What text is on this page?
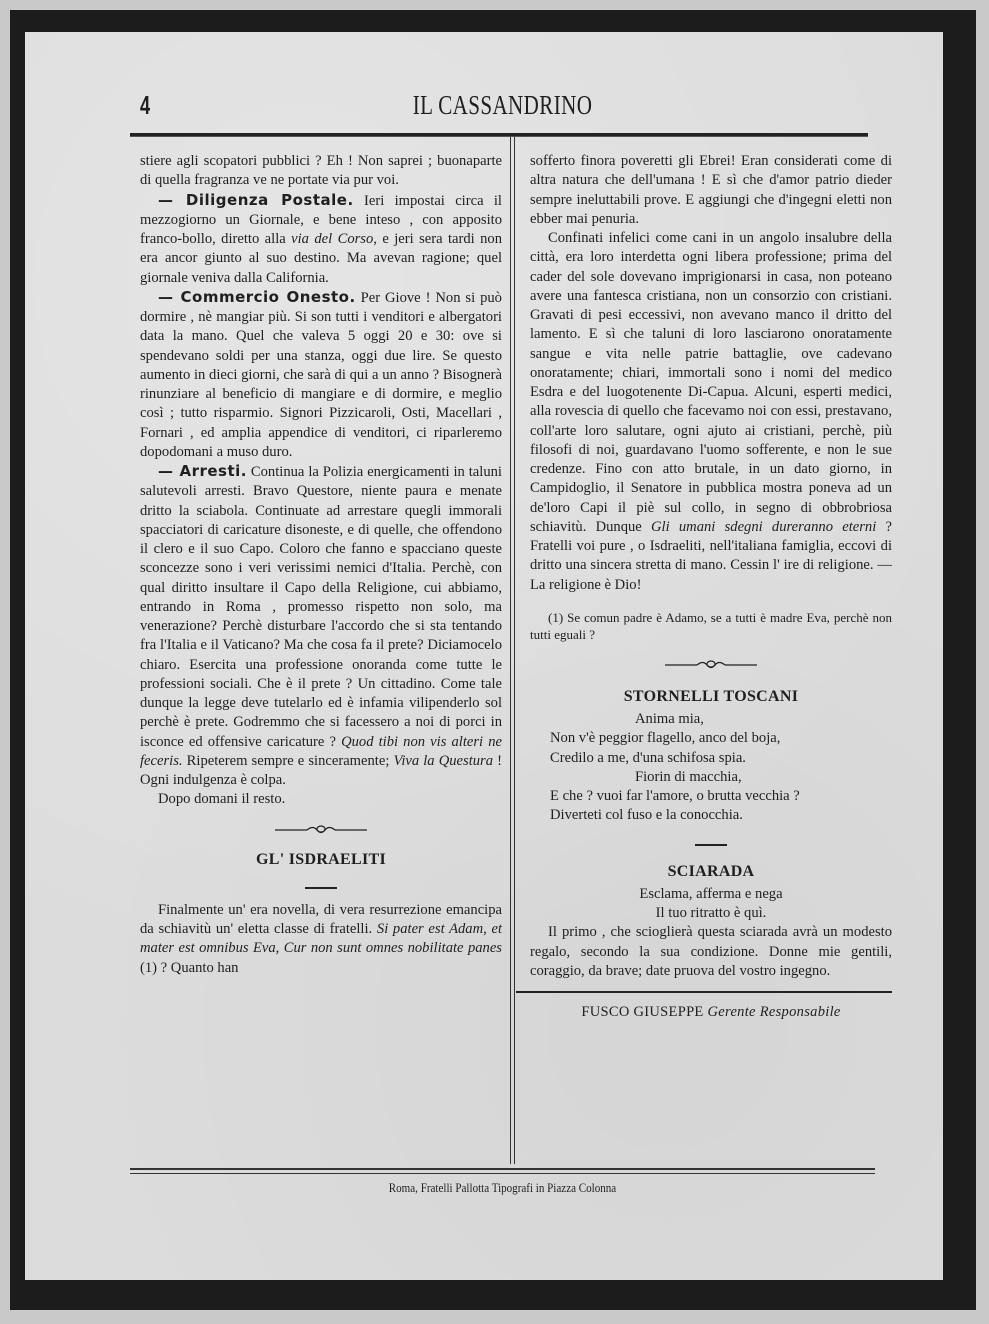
4	IL CASSANDRINO

stiere agli scopatori pubblici ? Eh ! Non saprei ; buonaparte di quella fragranza ve ne portate via pur voi.

— Diligenza Postale. Ieri impostai circa il mezzogiorno un Giornale, e bene inteso , con apposito franco-bollo, diretto alla via del Corso, e jeri sera tardi non era ancor giunto al suo destino. Ma avevan ragione; quel giornale veniva dalla California.

— Commercio Onesto. Per Giove ! Non si può dormire , nè mangiar più. Si son tutti i venditori e albergatori data la mano. Quel che valeva 5 oggi 20 e 30: ove si spendevano soldi per una stanza, oggi due lire. Se questo aumento in dieci giorni, che sarà di qui a un anno ? Bisognerà rinunziare al beneficio di mangiare e di dormire, e meglio così ; tutto risparmio. Signori Pizzicaroli, Osti, Macellari , Fornari , ed amplia appendice di venditori, ci riparleremo dopodomani a muso duro.

— Arresti. Continua la Polizia energicamenti in taluni salutevoli arresti. Bravo Questore, niente paura e menate dritto la sciabola. Continuate ad arrestare quegli immorali spacciatori di caricature disoneste, e di quelle, che offendono il clero e il suo Capo. Coloro che fanno e spacciano queste sconcezze sono i veri verissimi nemici d'Italia. Perchè, con qual diritto insultare il Capo della Religione, cui abbiamo, entrando in Roma , promesso rispetto non solo, ma venerazione? Perchè disturbare l'accordo che si sta tentando fra l'Italia e il Vaticano? Ma che cosa fa il prete? Diciamocelo chiaro. Esercita una professione onoranda come tutte le professioni sociali. Che è il prete ? Un cittadino. Come tale dunque la legge deve tutelarlo ed è infamia vilipenderlo sol perchè è prete. Godremmo che si facessero a noi di porci in isconce ed offensive caricature ? Quod tibi non vis alteri ne feceris. Ripeterem sempre e sinceramente; Viva la Questura ! Ogni indulgenza è colpa.

Dopo domani il resto.

GL' ISDRAELITI

Finalmente un' era novella, di vera resurrezione emancipa da schiavitù un' eletta classe di fratelli. Si pater est Adam, et mater est omnibus Eva, Cur non sunt omnes nobilitate panes (1) ? Quanto han

sofferto finora poveretti gli Ebrei! Eran considerati come di altra natura che dell'umana ! E sì che d'amor patrio dieder sempre ineluttabili prove. E aggiungi che d'ingegni eletti non ebber mai penuria.

Confinati infelici come cani in un angolo insalubre della città, era loro interdetta ogni libera professione; prima del cader del sole dovevano imprigionarsi in casa, non poteano avere una fantesca cristiana, non un consorzio con cristiani. Gravati di pesi eccessivi, non avevano manco il dritto del lamento. E sì che taluni di loro lasciarono onoratamente sangue e vita nelle patrie battaglie, ove cadevano onoratamente; chiari, immortali sono i nomi del medico Esdra e del luogotenente Di-Capua. Alcuni, esperti medici, alla rovescia di quello che facevamo noi con essi, prestavano, coll'arte loro salutare, ogni ajuto ai cristiani, perchè, più filosofi di noi, guardavano l'uomo sofferente, e non le sue credenze. Fino con atto brutale, in un dato giorno, in Campidoglio, il Senatore in pubblica mostra poneva ad un de'loro Capi il piè sul collo, in segno di obbrobriosa schiavitù. Dunque Gli umani sdegni dureranno eterni ? Fratelli voi pure , o Isdraeliti, nell'italiana famiglia, eccovi di dritto una sincera stretta di mano. Cessin l' ire di religione. — La religione è Dio!

(1) Se comun padre è Adamo, se a tutti è madre Eva, perchè non tutti eguali ?

STORNELLI TOSCANI

Anima mia,

Non v'è peggior flagello, anco del boja,

Credilo a me, d'una schifosa spia.

Fiorin di macchia,

E che ? vuoi far l'amore, o brutta vecchia ?

Diverteti col fuso e la conocchia.

SCIARADA

Esclama, afferma e nega

Il tuo ritratto è quì.

Il primo , che scioglierà questa sciarada avrà un modesto regalo, secondo la sua condizione. Donne mie gentili, coraggio, da brave; date pruova del vostro ingegno.

FUSCO GIUSEPPE Gerente Responsabile
Roma, Fratelli Pallotta Tipografi in Piazza Colonna
